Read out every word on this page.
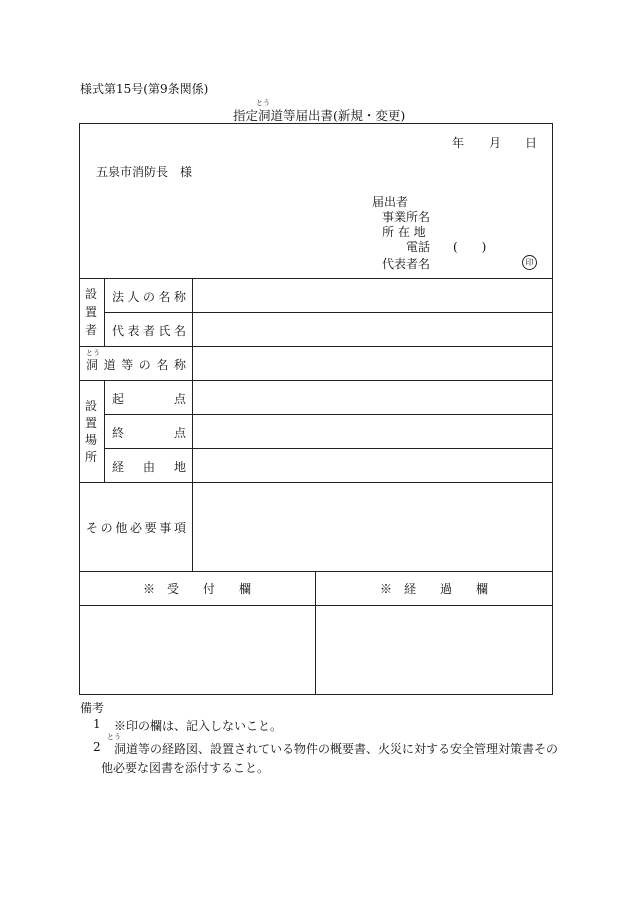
様式第15号(第9条関係)
とう
指定洞道等届出書(新規・変更)
年 月 日
五泉市消防長　様
届出者
事業所名
所 在 地
電話 (　　)
代表者名	印
設
置
者
法 人 の 名 称
代 表 者 氏 名
とう
洞 道 等 の 名 称
設
置
場
所
起	点
終	点
経 由 地
そ の 他 必 要 事 項
※　受　　付　　欄	※　経　　過　　欄
備考
1 ※印の欄は、記入しないこと。
とう
2 洞道等の経路図、設置されている物件の概要書、火災に対する安全管理対策書その
他必要な図書を添付すること。
